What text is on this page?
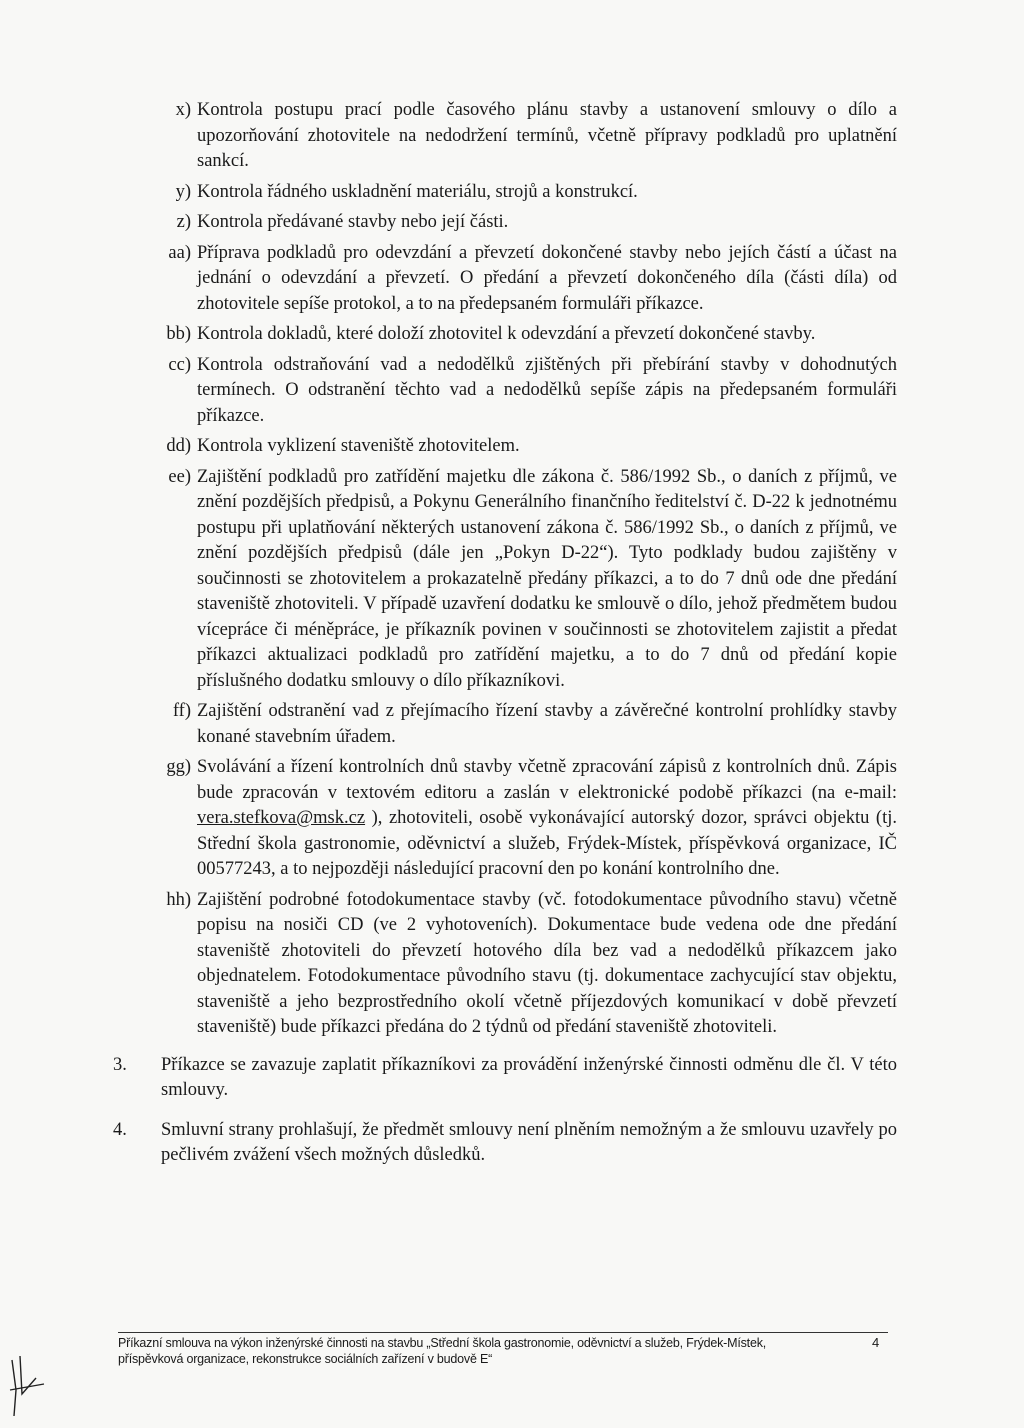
x) Kontrola postupu prací podle časového plánu stavby a ustanovení smlouvy o dílo a upozorňování zhotovitele na nedodržení termínů, včetně přípravy podkladů pro uplatnění sankcí.
y) Kontrola řádného uskladnění materiálu, strojů a konstrukcí.
z) Kontrola předávané stavby nebo její části.
aa) Příprava podkladů pro odevzdání a převzetí dokončené stavby nebo jejích částí a účast na jednání o odevzdání a převzetí. O předání a převzetí dokončeného díla (části díla) od zhotovitele sepíše protokol, a to na předepsaném formuláři příkazce.
bb) Kontrola dokladů, které doloží zhotovitel k odevzdání a převzetí dokončené stavby.
cc) Kontrola odstraňování vad a nedodělků zjištěných při přebírání stavby v dohodnutých termínech. O odstranění těchto vad a nedodělků sepíše zápis na předepsaném formuláři příkazce.
dd) Kontrola vyklizení staveniště zhotovitelem.
ee) Zajištění podkladů pro zatřídění majetku dle zákona č. 586/1992 Sb., o daních z příjmů, ve znění pozdějších předpisů, a Pokynu Generálního finančního ředitelství č. D-22 k jednotnému postupu při uplatňování některých ustanovení zákona č. 586/1992 Sb., o daních z příjmů, ve znění pozdějších předpisů (dále jen „Pokyn D-22“). Tyto podklady budou zajištěny v součinnosti se zhotovitelem a prokazatelně předány příkazci, a to do 7 dnů ode dne předání staveniště zhotoviteli. V případě uzavření dodatku ke smlouvě o dílo, jehož předmětem budou vícepráce či méněpráce, je příkazník povinen v součinnosti se zhotovitelem zajistit a předat příkazci aktualizaci podkladů pro zatřídění majetku, a to do 7 dnů od předání kopie příslušného dodatku smlouvy o dílo příkazníkovi.
ff) Zajištění odstranění vad z přejímacího řízení stavby a závěrečné kontrolní prohlídky stavby konané stavebním úřadem.
gg) Svolávání a řízení kontrolních dnů stavby včetně zpracování zápisů z kontrolních dnů. Zápis bude zpracován v textovém editoru a zaslán v elektronické podobě příkazci (na e-mail: vera.stefkova@msk.cz ), zhotoviteli, osobě vykonávající autorský dozor, správci objektu (tj. Střední škola gastronomie, oděvnictví a služeb, Frýdek-Místek, příspěvková organizace, IČ 00577243, a to nejpozději následující pracovní den po konání kontrolního dne.
hh) Zajištění podrobné fotodokumentace stavby (vč. fotodokumentace původního stavu) včetně popisu na nosiči CD (ve 2 vyhotoveních). Dokumentace bude vedena ode dne předání staveniště zhotoviteli do převzetí hotového díla bez vad a nedodělků příkazcem jako objednatelem. Fotodokumentace původního stavu (tj. dokumentace zachycující stav objektu, staveniště a jeho bezprostředního okolí včetně příjezdových komunikací v době převzetí staveniště) bude příkazci předána do 2 týdnů od předání staveniště zhotoviteli.
3.	Příkazce se zavazuje zaplatit příkazníkovi za provádění inženýrské činnosti odměnu dle čl. V této smlouvy.
4.	Smluvní strany prohlašují, že předmět smlouvy není plněním nemožným a že smlouvu uzavřely po pečlivém zvážení všech možných důsledků.
Příkazní smlouva na výkon inženýrské činnosti na stavbu „Střední škola gastronomie, oděvnictví a služeb, Frýdek-Místek, příspěvková organizace, rekonstrukce sociálních zařízení v budově E“
4
